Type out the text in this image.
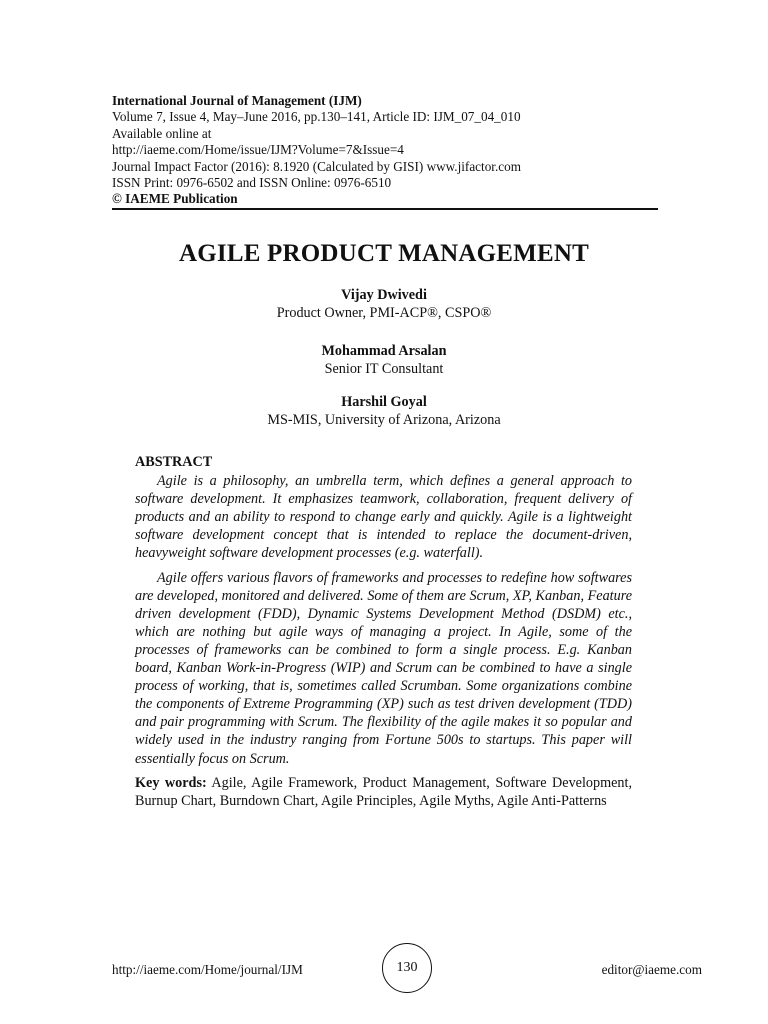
International Journal of Management (IJM)
Volume 7, Issue 4, May–June 2016, pp.130–141, Article ID: IJM_07_04_010
Available online at
http://iaeme.com/Home/issue/IJM?Volume=7&Issue=4
Journal Impact Factor (2016): 8.1920 (Calculated by GISI) www.jifactor.com
ISSN Print: 0976-6502 and ISSN Online: 0976-6510
© IAEME Publication
AGILE PRODUCT MANAGEMENT
Vijay Dwivedi
Product Owner, PMI-ACP®, CSPO®
Mohammad Arsalan
Senior IT Consultant
Harshil Goyal
MS-MIS, University of Arizona, Arizona
ABSTRACT

Agile is a philosophy, an umbrella term, which defines a general approach to software development. It emphasizes teamwork, collaboration, frequent delivery of products and an ability to respond to change early and quickly. Agile is a lightweight software development concept that is intended to replace the document-driven, heavyweight software development processes (e.g. waterfall).

Agile offers various flavors of frameworks and processes to redefine how softwares are developed, monitored and delivered. Some of them are Scrum, XP, Kanban, Feature driven development (FDD), Dynamic Systems Development Method (DSDM) etc., which are nothing but agile ways of managing a project. In Agile, some of the processes of frameworks can be combined to form a single process. E.g. Kanban board, Kanban Work-in-Progress (WIP) and Scrum can be combined to have a single process of working, that is, sometimes called Scrumban. Some organizations combine the components of Extreme Programming (XP) such as test driven development (TDD) and pair programming with Scrum. The flexibility of the agile makes it so popular and widely used in the industry ranging from Fortune 500s to startups. This paper will essentially focus on Scrum.

Key words: Agile, Agile Framework, Product Management, Software Development, Burnup Chart, Burndown Chart, Agile Principles, Agile Myths, Agile Anti-Patterns
http://iaeme.com/Home/journal/IJM	130	editor@iaeme.com
